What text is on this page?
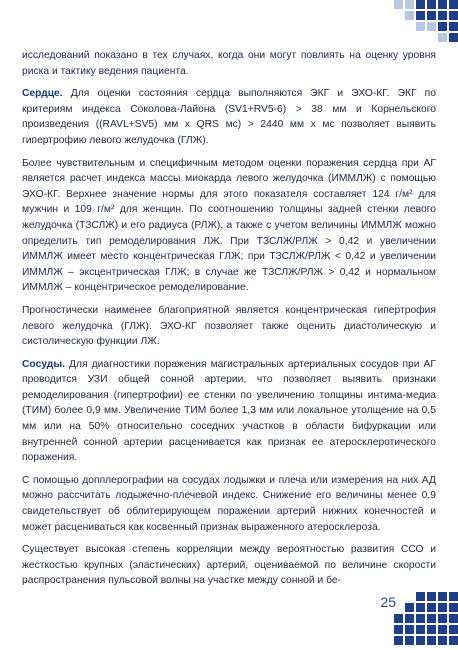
исследований показано в тех случаях, когда они могут повлиять на оценку уровня риска и тактику ведения пациента.

Сердце. Для оценки состояния сердца выполняются ЭКГ и ЭХО-КГ. ЭКГ по критериям индекса Соколова-Лайона (SV1+RV5-6) > 38 мм и Корнельского произведения ((RAVL+SV5) мм х QRS мс) > 2440 мм х мс позволяет выявить гипертрофию левого желудочка (ГЛЖ).

Более чувствительным и специфичным методом оценки поражения сердца при АГ является расчет индекса массы миокарда левого желудочка (ИММЛЖ) с помощью ЭХО-КГ. Верхнее значение нормы для этого показателя составляет 124 г/м² для мужчин и 109 г/м² для женщин. По соотношению толщины задней стенки левого желудочка (ТЗСЛЖ) и его радиуса (РЛЖ), а также с учетом величины ИММЛЖ можно определить тип ремоделирования ЛЖ. При ТЗСЛЖ/РЛЖ > 0,42 и увеличении ИММЛЖ имеет место концентрическая ГЛЖ; при ТЗСЛЖ/РЛЖ < 0,42 и увеличении ИММЛЖ – эксцентрическая ГЛЖ; в случае же ТЗСЛЖ/РЛЖ > 0,42 и нормальном ИММЛЖ – концентрическое ремоделирование.

Прогностически наименее благоприятной является концентрическая гипертрофия левого желудочка (ГЛЖ). ЭХО-КГ позволяет также оценить диастолическую и систолическую функции ЛЖ.

Сосуды. Для диагностики поражения магистральных артериальных сосудов при АГ проводится УЗИ общей сонной артерии, что позволяет выявить признаки ремоделирования (гипертрофии) ее стенки по увеличению толщины интима-медиа (ТИМ) более 0,9 мм. Увеличение ТИМ более 1,3 мм или локальное утолщение на 0,5 мм или на 50% относительно соседних участков в области бифуркации или внутренней сонной артерии расценивается как признак ее атеросклеротического поражения.

С помощью допплерографии на сосудах лодыжки и плеча или измерения на них АД можно рассчитать лодыжечно-плечевой индекс. Снижение его величины менее 0,9 свидетельствует об облитерирующем поражении артерий нижних конечностей и может расцениваться как косвенный признак выраженного атеросклероза.

Существует высокая степень корреляции между вероятностью развития ССО и жесткостью крупных (эластических) артерий, оцениваемой по величине скорости распространения пульсовой волны на участке между сонной и бе-

25
